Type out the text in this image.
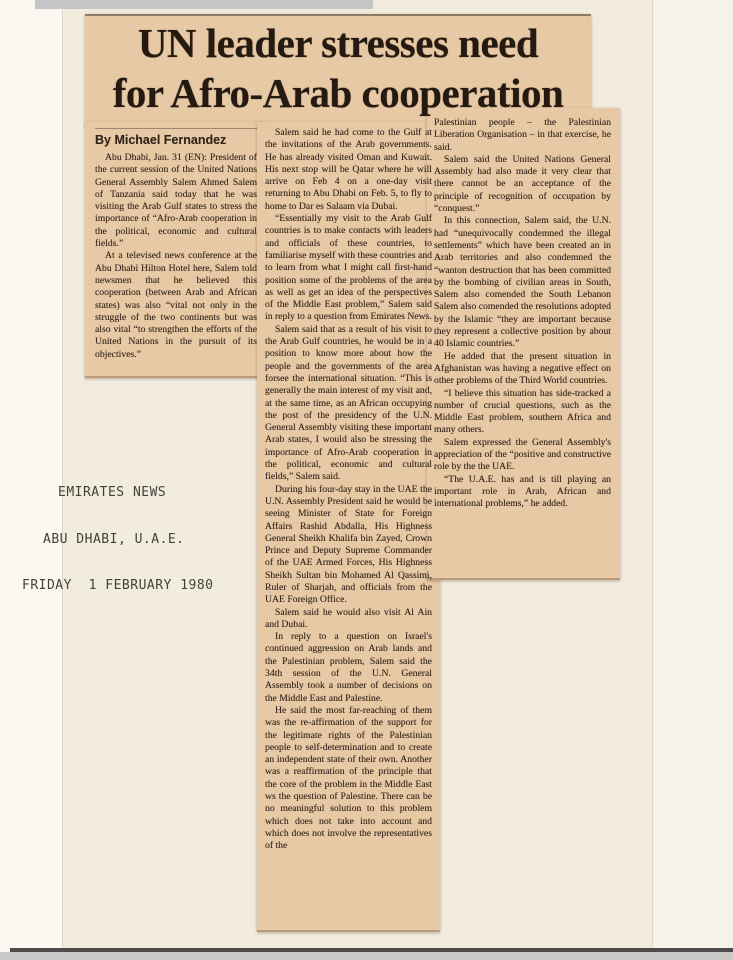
UN leader stresses need
for Afro-Arab cooperation
By Michael Fernandez

Abu Dhabi, Jan. 31 (EN): President of the current session of the United Nations General Assembly Salem Ahmed Salem of Tanzania said today that he was visiting the Arab Gulf states to stress the importance of “Afro-Arab cooperation in the political, economic and cultural fields.”

At a televised news conference at the Abu Dhabi Hilton Hotel here, Salem told newsmen that he believed this cooperation (between Arab and African states) was also “vital not only in the struggle of the two continents but was also vital “to strengthen the efforts of the United Nations in the pursuit of its objectives.”

Salem said he had come to the Gulf at the invitations of the Arab governments. He has already visited Oman and Kuwait. His next stop will be Qatar where he will arrive on Feb 4 on a one-day visit returning to Abu Dhabi on Feb. 5, to fly to home to Dar es Salaam via Dubai.

“Essentially my visit to the Arab Gulf countries is to make contacts with leaders and officials of these countries, to familiarise myself with these countries and to learn from what I might call first-hand position some of the problems of the area as well as get an idea of the perspectives of the Middle East problem,” Salem said in reply to a question from Emirates News.

Salem said that as a result of his visit to the Arab Gulf countries, he would be in a position to know more about how the people and the governments of the area forsee the international situation. “This is generally the main interest of my visit and, at the same time, as an African occupying the post of the presidency of the U.N. General Assembly visiting these important Arab states, I would also be stressing the importance of Afro-Arab cooperation in the political, economic and cultural fields,” Salem said.

During his four-day stay in the UAE the U.N. Assembly President said he would be seeing Minister of State for Foreign Affairs Rashid Abdalla, His Highness General Sheikh Khalifa bin Zayed, Crown Prince and Deputy Supreme Commander of the UAE Armed Forces, His Highness Sheikh Sultan bin Mohamed Al Qassimi, Ruler of Sharjah, and officials from the UAE Foreign Office.

Salem said he would also visit Al Ain and Dubai.

In reply to a question on Israel's continued aggression on Arab lands and the Palestinian problem, Salem said the 34th session of the U.N. General Assembly took a number of decisions on the Middle East and Palestine.

He said the most far-reaching of them was the re-affirmation of the support for the legitimate rights of the Palestinian people to self-determination and to create an independent state of their own. Another was a reaffirmation of the principle that the core of the problem in the Middle East ws the question of Palestine. There can be no meaningful solution to this problem which does not take into account and which does not involve the representatives of the

Palestinian people – the Palestinian Liberation Organisation – in that exercise, he said.

Salem said the United Nations General Assembly had also made it very clear that there cannot be an acceptance of the principle of recognition of occupation by “conquest.”

In this connection, Salem said, the U.N. had “unequivocally condemned the illegal settlements” which have been created an in Arab territories and also condemned the “wanton destruction that has been committed by the bombing of civilian areas in South, Salem also comended the South Lebanon Salem also comended the resolutions adopted by the Islamic “they are important because they represent a collective position by about 40 Islamic countries.”

He added that the present situation in Afghanistan was having a negative effect on other problems of the Third World countries.

“I believe this situation has side-tracked a number of crucial questions, such as the Middle East problem, southern Africa and many others.

Salem expressed the General Assembly's appreciation of the “positive and constructive role by the the UAE.

“The U.A.E. has and is till playing an important role in Arab, African and international problems,” he added.

EMIRATES NEWS

ABU DHABI, U.A.E.

FRIDAY  1 FEBRUARY 1980
